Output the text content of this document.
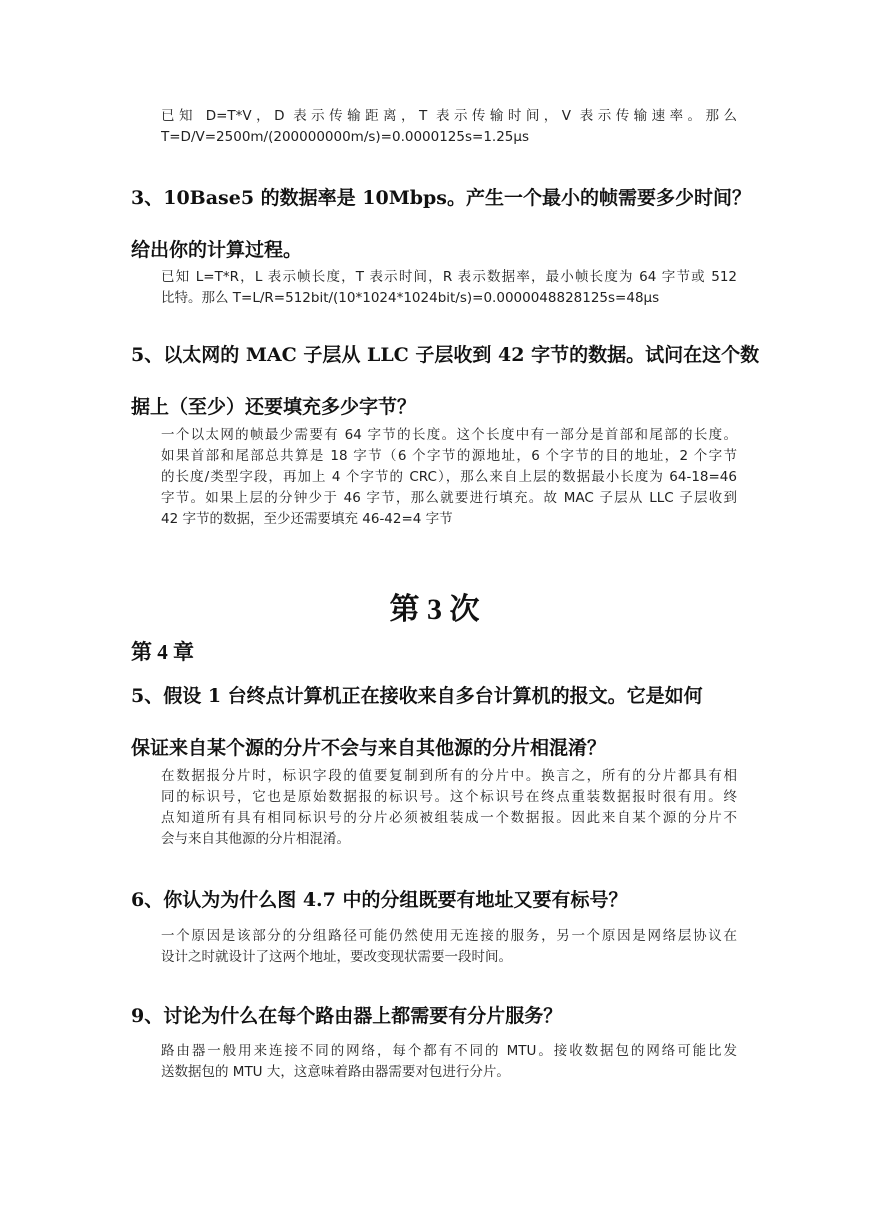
已知 D=T*V，D 表示传输距离，T 表示传输时间，V 表示传输速率。那么
T=D/V=2500m/(200000000m/s)=0.0000125s=1.25μs
3、10Base5 的数据率是 10Mbps。产生一个最小的帧需要多少时间？
给出你的计算过程。
已知 L=T*R，L 表示帧长度，T 表示时间，R 表示数据率，最小帧长度为 64 字节或 512
比特。那么 T=L/R=512bit/(10*1024*1024bit/s)=0.0000048828125s=48μs
5、以太网的 MAC 子层从 LLC 子层收到 42 字节的数据。试问在这个数
据上（至少）还要填充多少字节？
一个以太网的帧最少需要有 64 字节的长度。这个长度中有一部分是首部和尾部的长度。
如果首部和尾部总共算是 18 字节（6 个字节的源地址，6 个字节的目的地址，2 个字节
的长度/类型字段，再加上 4 个字节的 CRC），那么来自上层的数据最小长度为 64-18=46
字节。如果上层的分钟少于 46 字节，那么就要进行填充。故 MAC 子层从 LLC 子层收到
42 字节的数据，至少还需要填充 46-42=4 字节
第 3 次
第 4 章
5、假设 1 台终点计算机正在接收来自多台计算机的报文。它是如何
保证来自某个源的分片不会与来自其他源的分片相混淆？
在数据报分片时，标识字段的值要复制到所有的分片中。换言之，所有的分片都具有相
同的标识号，它也是原始数据报的标识号。这个标识号在终点重装数据报时很有用。终
点知道所有具有相同标识号的分片必须被组装成一个数据报。因此来自某个源的分片不
会与来自其他源的分片相混淆。
6、你认为为什么图 4.7 中的分组既要有地址又要有标号？
一个原因是该部分的分组路径可能仍然使用无连接的服务，另一个原因是网络层协议在
设计之时就设计了这两个地址，要改变现状需要一段时间。
9、讨论为什么在每个路由器上都需要有分片服务？
路由器一般用来连接不同的网络，每个都有不同的 MTU。接收数据包的网络可能比发
送数据包的 MTU 大，这意味着路由器需要对包进行分片。
